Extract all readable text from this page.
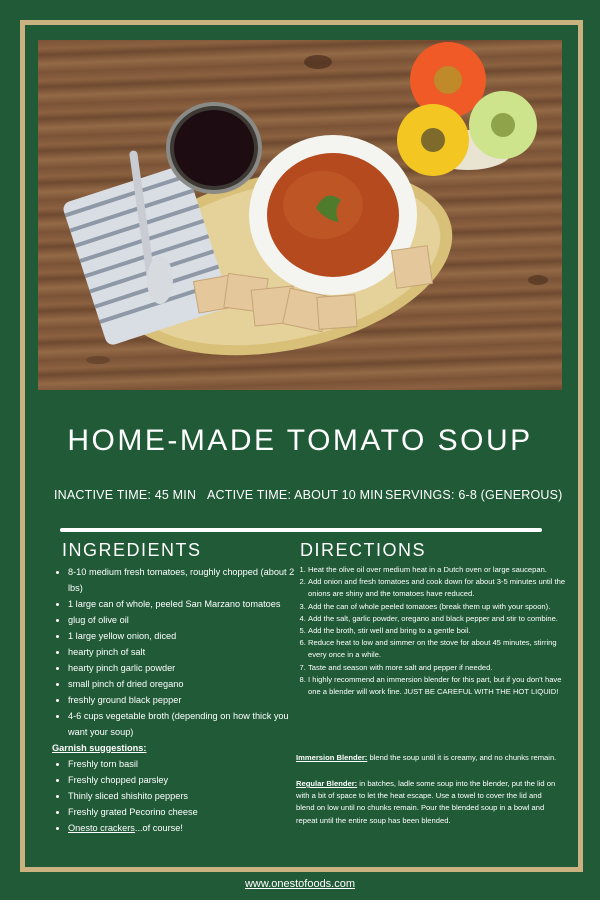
HOME-MADE TOMATO SOUP
INACTIVE TIME: 45 MIN ACTIVE TIME: ABOUT 10 MIN SERVINGS: 6-8 (GENEROUS)
INGREDIENTS	DIRECTIONS
• 8-10 medium fresh tomatoes, roughly chopped (about 2 lbs)
• 1 large can of whole, peeled San Marzano tomatoes
• glug of olive oil
• 1 large yellow onion, diced
• hearty pinch of salt
• hearty pinch garlic powder
• small pinch of dried oregano
• freshly ground black pepper
• 4-6 cups vegetable broth (depending on how thick you want your soup)
Garnish suggestions:
• Freshly torn basil
• Freshly chopped parsley
• Thinly sliced shishito peppers
• Freshly grated Pecorino cheese
• Onesto crackers...of course!
1. Heat the olive oil over medium heat in a Dutch oven or large saucepan.
2. Add onion and fresh tomatoes and cook down for about 3-5 minutes until the onions are shiny and the tomatoes have reduced.
3. Add the can of whole peeled tomatoes (break them up with your spoon).
4. Add the salt, garlic powder, oregano and black pepper and stir to combine.
5. Add the broth, stir well and bring to a gentle boil.
6. Reduce heat to low and simmer on the stove for about 45 minutes, stirring every once in a while.
7. Taste and season with more salt and pepper if needed.
8. I highly recommend an immersion blender for this part, but if you don't have one a blender will work fine. JUST BE CAREFUL WITH THE HOT LIQUID!

Immersion Blender: blend the soup until it is creamy, and no chunks remain.

Regular Blender: in batches, ladle some soup into the blender, put the lid on with a bit of space to let the heat escape. Use a towel to cover the lid and blend on low until no chunks remain. Pour the blended soup in a bowl and repeat until the entire soup has been blended.

www.onestofoods.com
